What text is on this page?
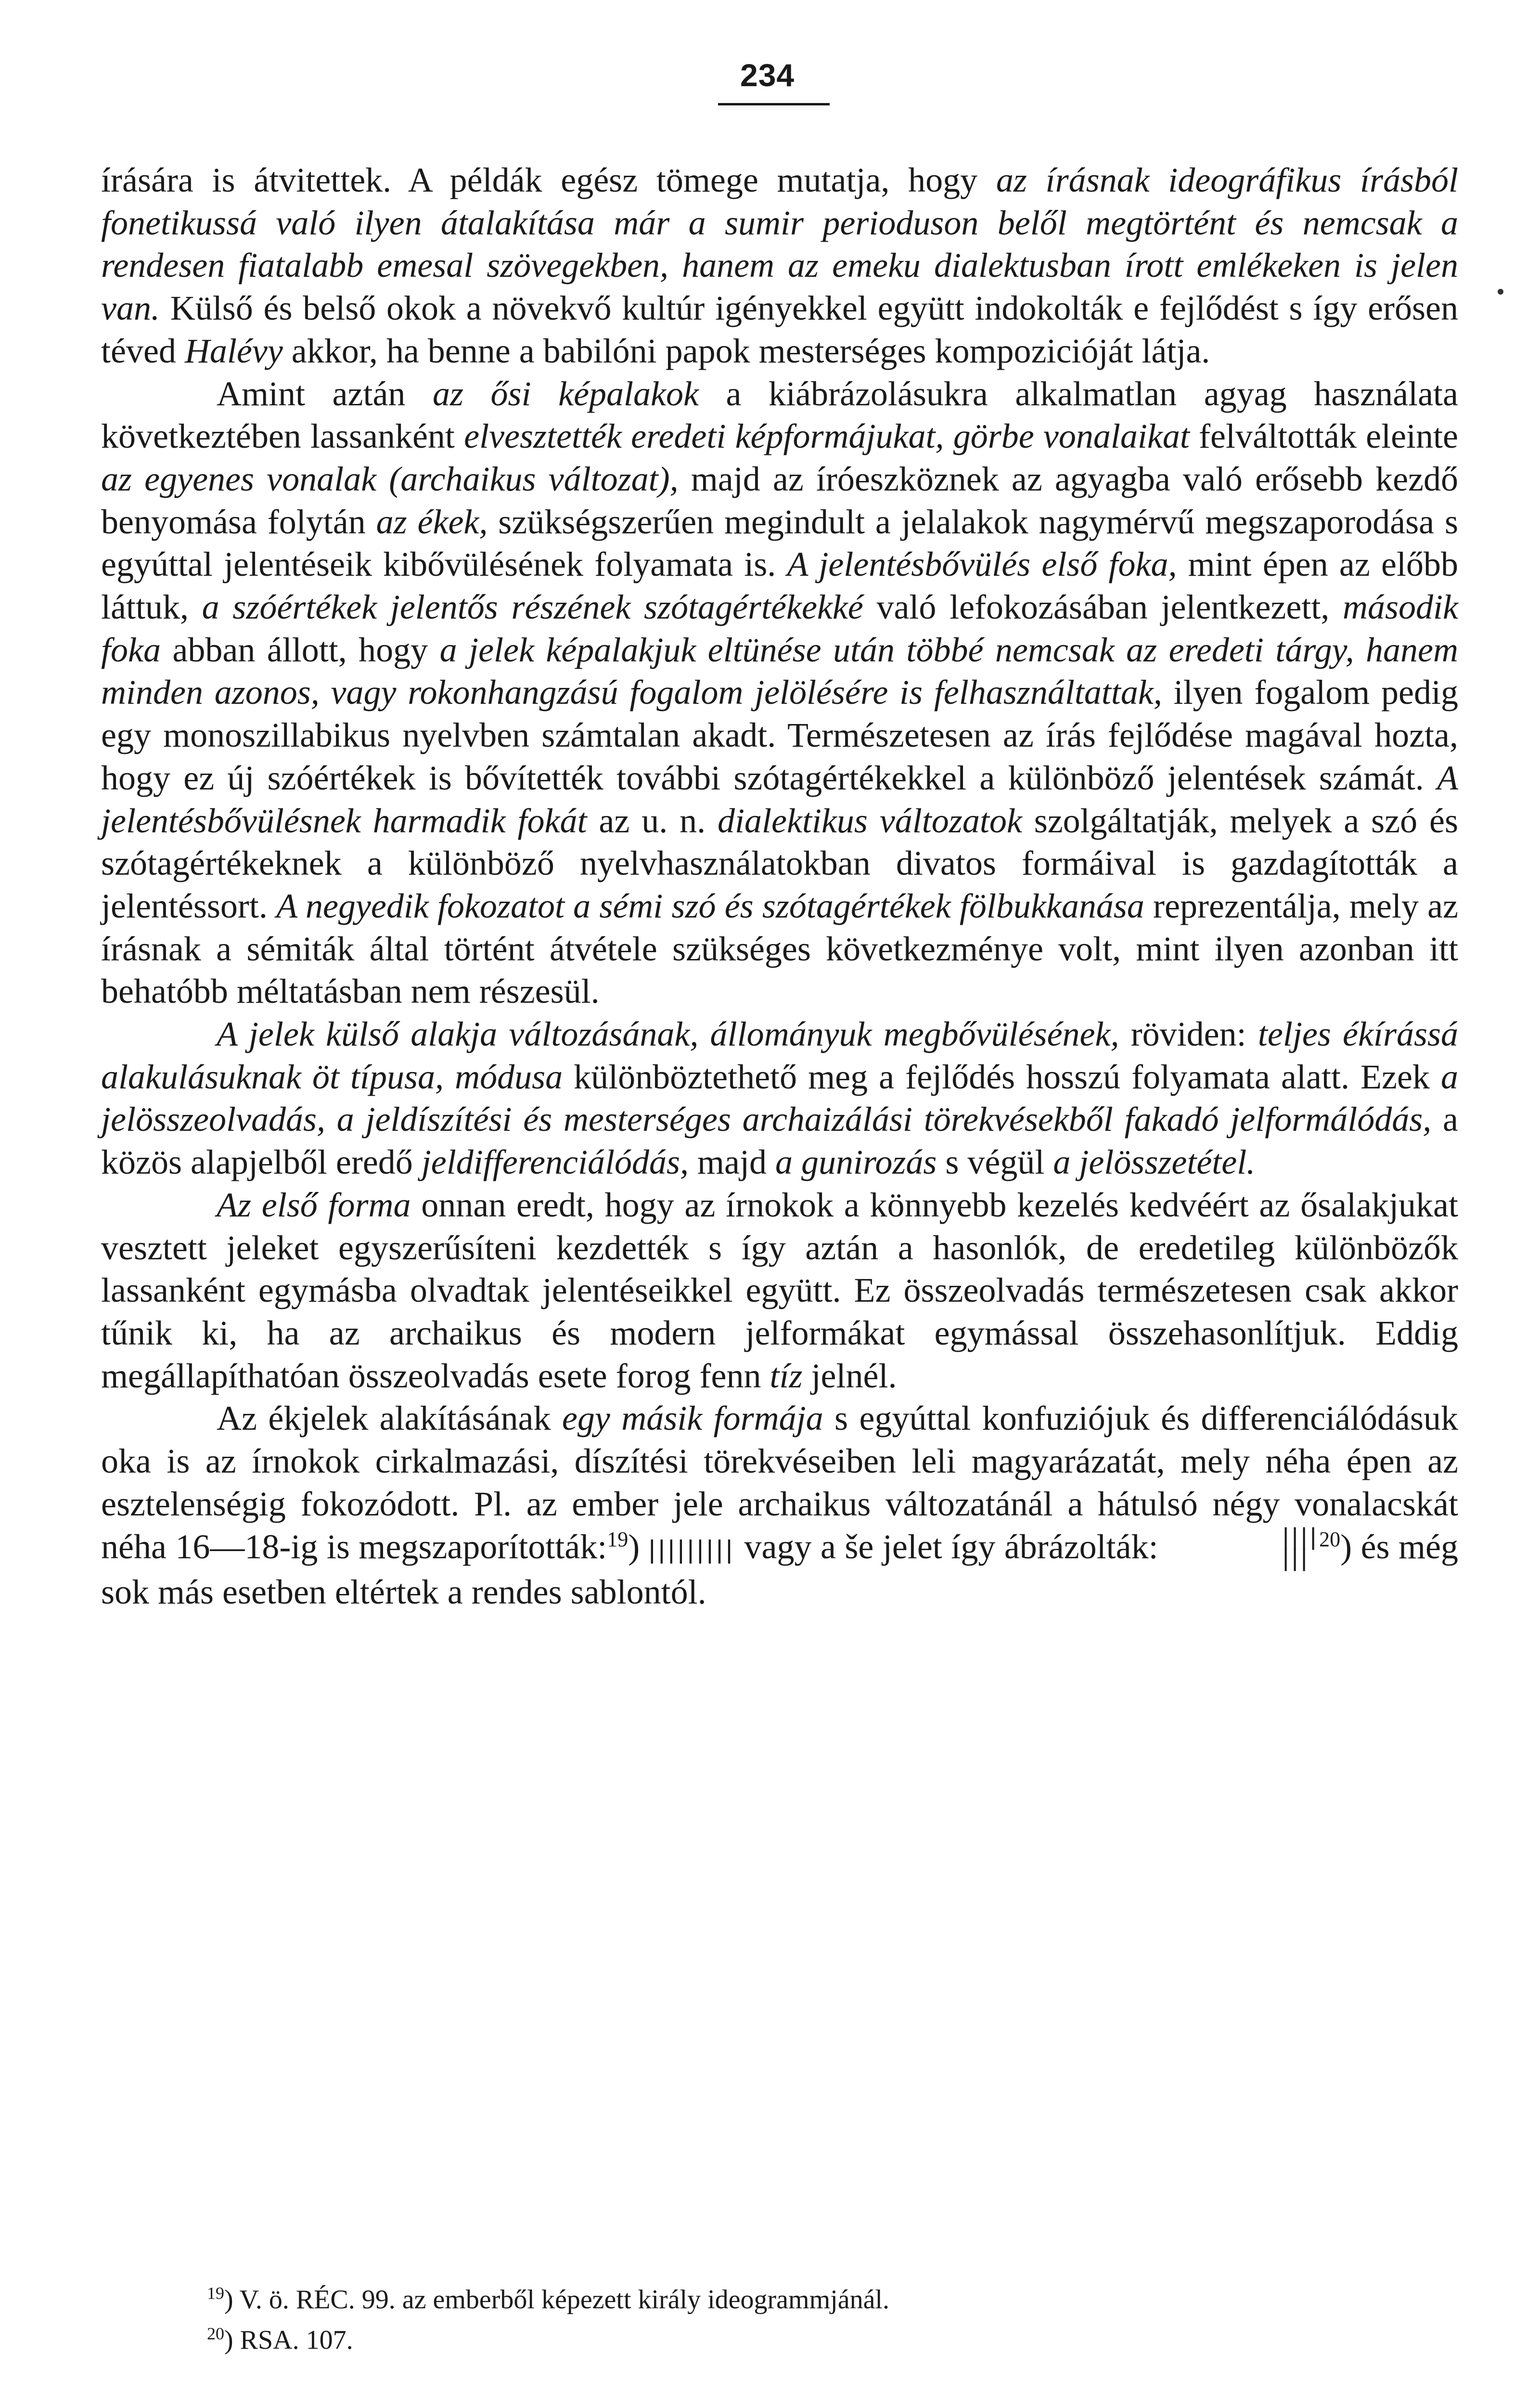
234

írására is átvitettek. A példák egész tömege mutatja, hogy az írásnak ideográfikus írásból fonetikussá való ilyen átalakítása már a sumir perioduson belől megtörtént és nemcsak a rendesen fiatalabb emesal szövegekben, hanem az emeku dialektusban írott emlékeken is jelen van. Külső és belső okok a növekvő kultúr igényekkel együtt indokolták e fejlődést s így erősen téved Halévy akkor, ha benne a babilóni papok mesterséges kompozicióját látja.

Amint aztán az ősi képalakok a kiábrázolásukra alkalmatlan agyag használata következtében lassanként elvesztették eredeti képformájukat, görbe vonalaikat felváltották eleinte az egyenes vonalak (archaikus változat), majd az íróeszköznek az agyagba való erősebb kezdő benyomása folytán az ékek, szükségszerűen megindult a jelalakok nagymérvű megszaporodása s egyúttal jelentéseik kibővülésének folyamata is. A jelentésbővülés első foka, mint épen az előbb láttuk, a szóértékek jelentős részének szótagértékekké való lefokozásában jelentkezett, második foka abban állott, hogy a jelek képalakjuk eltünése után többé nemcsak az eredeti tárgy, hanem minden azonos, vagy rokonhangzású fogalom jelölésére is felhasználtattak, ilyen fogalom pedig egy monoszillabikus nyelvben számtalan akadt. Természetesen az írás fejlődése magával hozta, hogy ez új szóértékek is bővítették további szótagértékekkel a különböző jelentések számát. A jelentésbővülésnek harmadik fokát az u. n. dialektikus változatok szolgáltatják, melyek a szó és szótagértékeknek a különböző nyelvhasználatokban divatos formáival is gazdagították a jelentéssort. A negyedik fokozatot a sémi szó és szótagértékek fölbukkanása reprezentálja, mely az írásnak a sémiták által történt átvétele szükséges következménye volt, mint ilyen azonban itt behatóbb méltatásban nem részesül.

A jelek külső alakja változásának, állományuk megbővülésének, röviden: teljes ékírássá alakulásuknak öt típusa, módusa különböztethető meg a fejlődés hosszú folyamata alatt. Ezek a jelösszeolvadás, a jeldíszítési és mesterséges archaizálási törekvésekből fakadó jelformálódás, a közös alapjelből eredő jeldifferenciálódás, majd a gunirozás s végül a jelösszetétel.

Az első forma onnan eredt, hogy az írnokok a könnyebb kezelés kedvéért az ősalakjukat vesztett jeleket egyszerűsíteni kezdették s így aztán a hasonlók, de eredetileg különbözők lassanként egymásba olvadtak jelentéseikkel együtt. Ez összeolvadás természetesen csak akkor tűnik ki, ha az archaikus és modern jelformákat egymással összehasonlítjuk. Eddig megállapíthatóan összeolvadás esete forog fenn tíz jelnél.

Az ékjelek alakításának egy másik formája s egyúttal konfuziójuk és differenciálódásuk oka is az írnokok cirkalmazási, díszítési törekvéseiben leli magyarázatát, mely néha épen az esztelenségig fokozódott. Pl. az ember jele archaikus változatánál a hátulsó négy vonalacskát néha 16—18-ig is megszaporították:$^{19}$) ||||||||| vagy a še jelet így ábrázolták:	||||
|||
$^{20}$) és még sok más esetben eltértek a rendes sablontól.

$^{19}$) V. ö. RÉC. 99. az emberből képezett király ideogrammjánál.
$^{20}$) RSA. 107.
